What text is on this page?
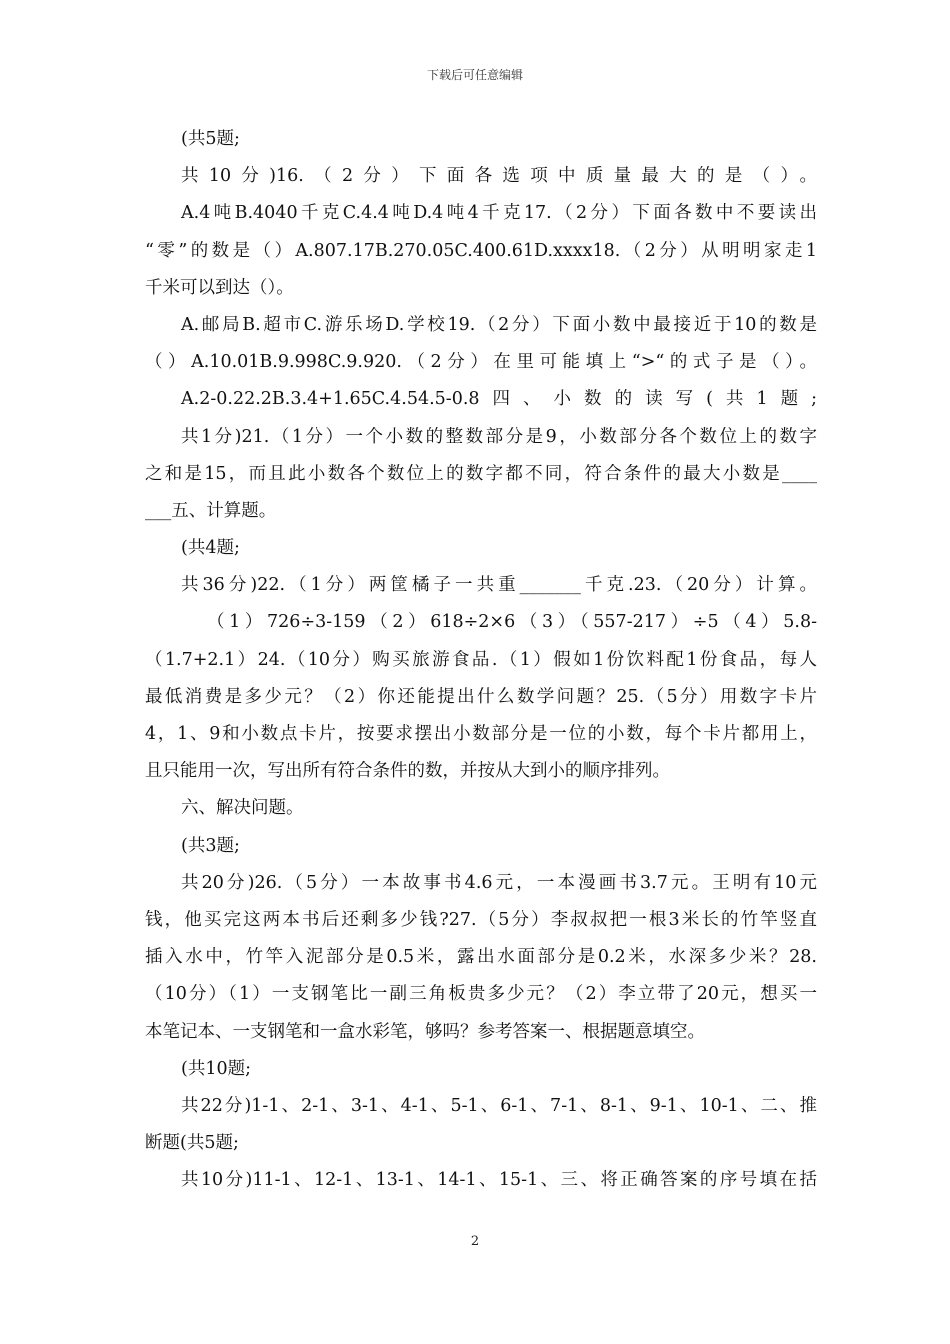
下载后可任意编辑
(共5题;
共10分)16.（2分）下面各选项中质量最大的是（）。
A.4吨B.4040千克C.4.4吨D.4吨4千克17.（2分）下面各数中不要读出
“零”的数是（）A.807.17B.270.05C.400.61D.xxxx18.（2分）从明明家走1
千米可以到达（）。
A.邮局B.超市C.游乐场D.学校19.（2分）下面小数中最接近于10的数是
（）A.10.01B.9.998C.9.920.（2分）在里可能填上“>“的式子是（）。
A.2-0.22.2B.3.4+1.65C.4.54.5-0.8四、小数的读写(共1题;
共1分)21.（1分）一个小数的整数部分是9，小数部分各个数位上的数字
之和是15，而且此小数各个数位上的数字都不同，符合条件的最大小数是____
___五、计算题。
(共4题;
共36分)22.（1分）两筐橘子一共重_______千克.23.（20分）计算。
（1）726÷3-159（2）618÷2×6（3）（557-217）÷5（4）5.8-
（1.7+2.1）24.（10分）购买旅游食品.（1）假如1份饮料配1份食品，每人
最低消费是多少元？（2）你还能提出什么数学问题？25.（5分）用数字卡片
4，1、9和小数点卡片，按要求摆出小数部分是一位的小数，每个卡片都用上，
且只能用一次，写出所有符合条件的数，并按从大到小的顺序排列。
六、解决问题。
(共3题;
共20分)26.（5分）一本故事书4.6元，一本漫画书3.7元。王明有10元
钱，他买完这两本书后还剩多少钱?27.（5分）李叔叔把一根3米长的竹竿竖直
插入水中，竹竿入泥部分是0.5米，露出水面部分是0.2米，水深多少米？28.
（10分）（1）一支钢笔比一副三角板贵多少元？（2）李立带了20元，想买一
本笔记本、一支钢笔和一盒水彩笔，够吗？参考答案一、根据题意填空。
(共10题;
共22分)1-1、2-1、3-1、4-1、5-1、6-1、7-1、8-1、9-1、10-1、二、推
断题(共5题;
共10分)11-1、12-1、13-1、14-1、15-1、三、将正确答案的序号填在括
2
